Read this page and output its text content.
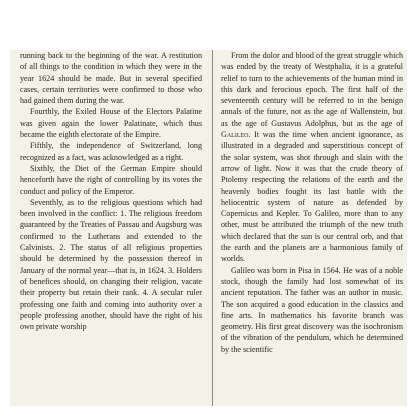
running back to the beginning of the war. A restitution of all things to the condition in which they were in the year 1624 should be made. But in several specified cases, certain territories were confirmed to those who had gained them during the war.

Fourthly, the Exiled House of the Electors Palatine was given again the lower Palatinate, which thus became the eighth electorate of the Empire.

Fifthly, the independence of Switzerland, long recognized as a fact, was acknowledged as a right.

Sixthly, the Diet of the German Empire should henceforth have the right of controlling by its votes the conduct and policy of the Emperor.

Seventhly, as to the religious questions which had been involved in the conflict: 1. The religious freedom guaranteed by the Treaties of Passau and Augsburg was confirmed to the Lutherans and extended to the Calvinists. 2. The status of all religious properties should be determined by the possession thereof in January of the normal year—that is, in 1624. 3. Holders of benefices should, on changing their religion, vacate their property but retain their rank. 4. A secular ruler professing one faith and coming into authority over a people professing another, should have the right of his own private worship

From the dolor and blood of the great struggle which was ended by the treaty of Westphalia, it is a grateful relief to turn to the achievements of the human mind in this dark and ferocious epoch. The first half of the seventeenth century will be referred to in the benign annals of the future, not as the age of Wallenstein, but as the age of Gustavus Adolphus, but as the age of Galileo. It was the time when ancient ignorance, as illustrated in a degraded and superstitious concept of the solar system, was shot through and slain with the arrow of light. Now it was that the crude theory of Ptolemy respecting the relations of the earth and the heavenly bodies fought its last battle with the heliocentric system of nature as defended by Copernicus and Kepler. To Galileo, more than to any other, must be attributed the triumph of the new truth which declared that the sun is our central orb, and that the earth and the planets are a harmonious family of worlds.

Galileo was born in Pisa in 1564. He was of a noble stock, though the family had lost somewhat of its ancient reputation. The father was an author in music. The son acquired a good education in the classics and fine arts. In mathematics his favorite branch was geometry. His first great discovery was the isochronism of the vibration of the pendulum, which he determined by the scientific
